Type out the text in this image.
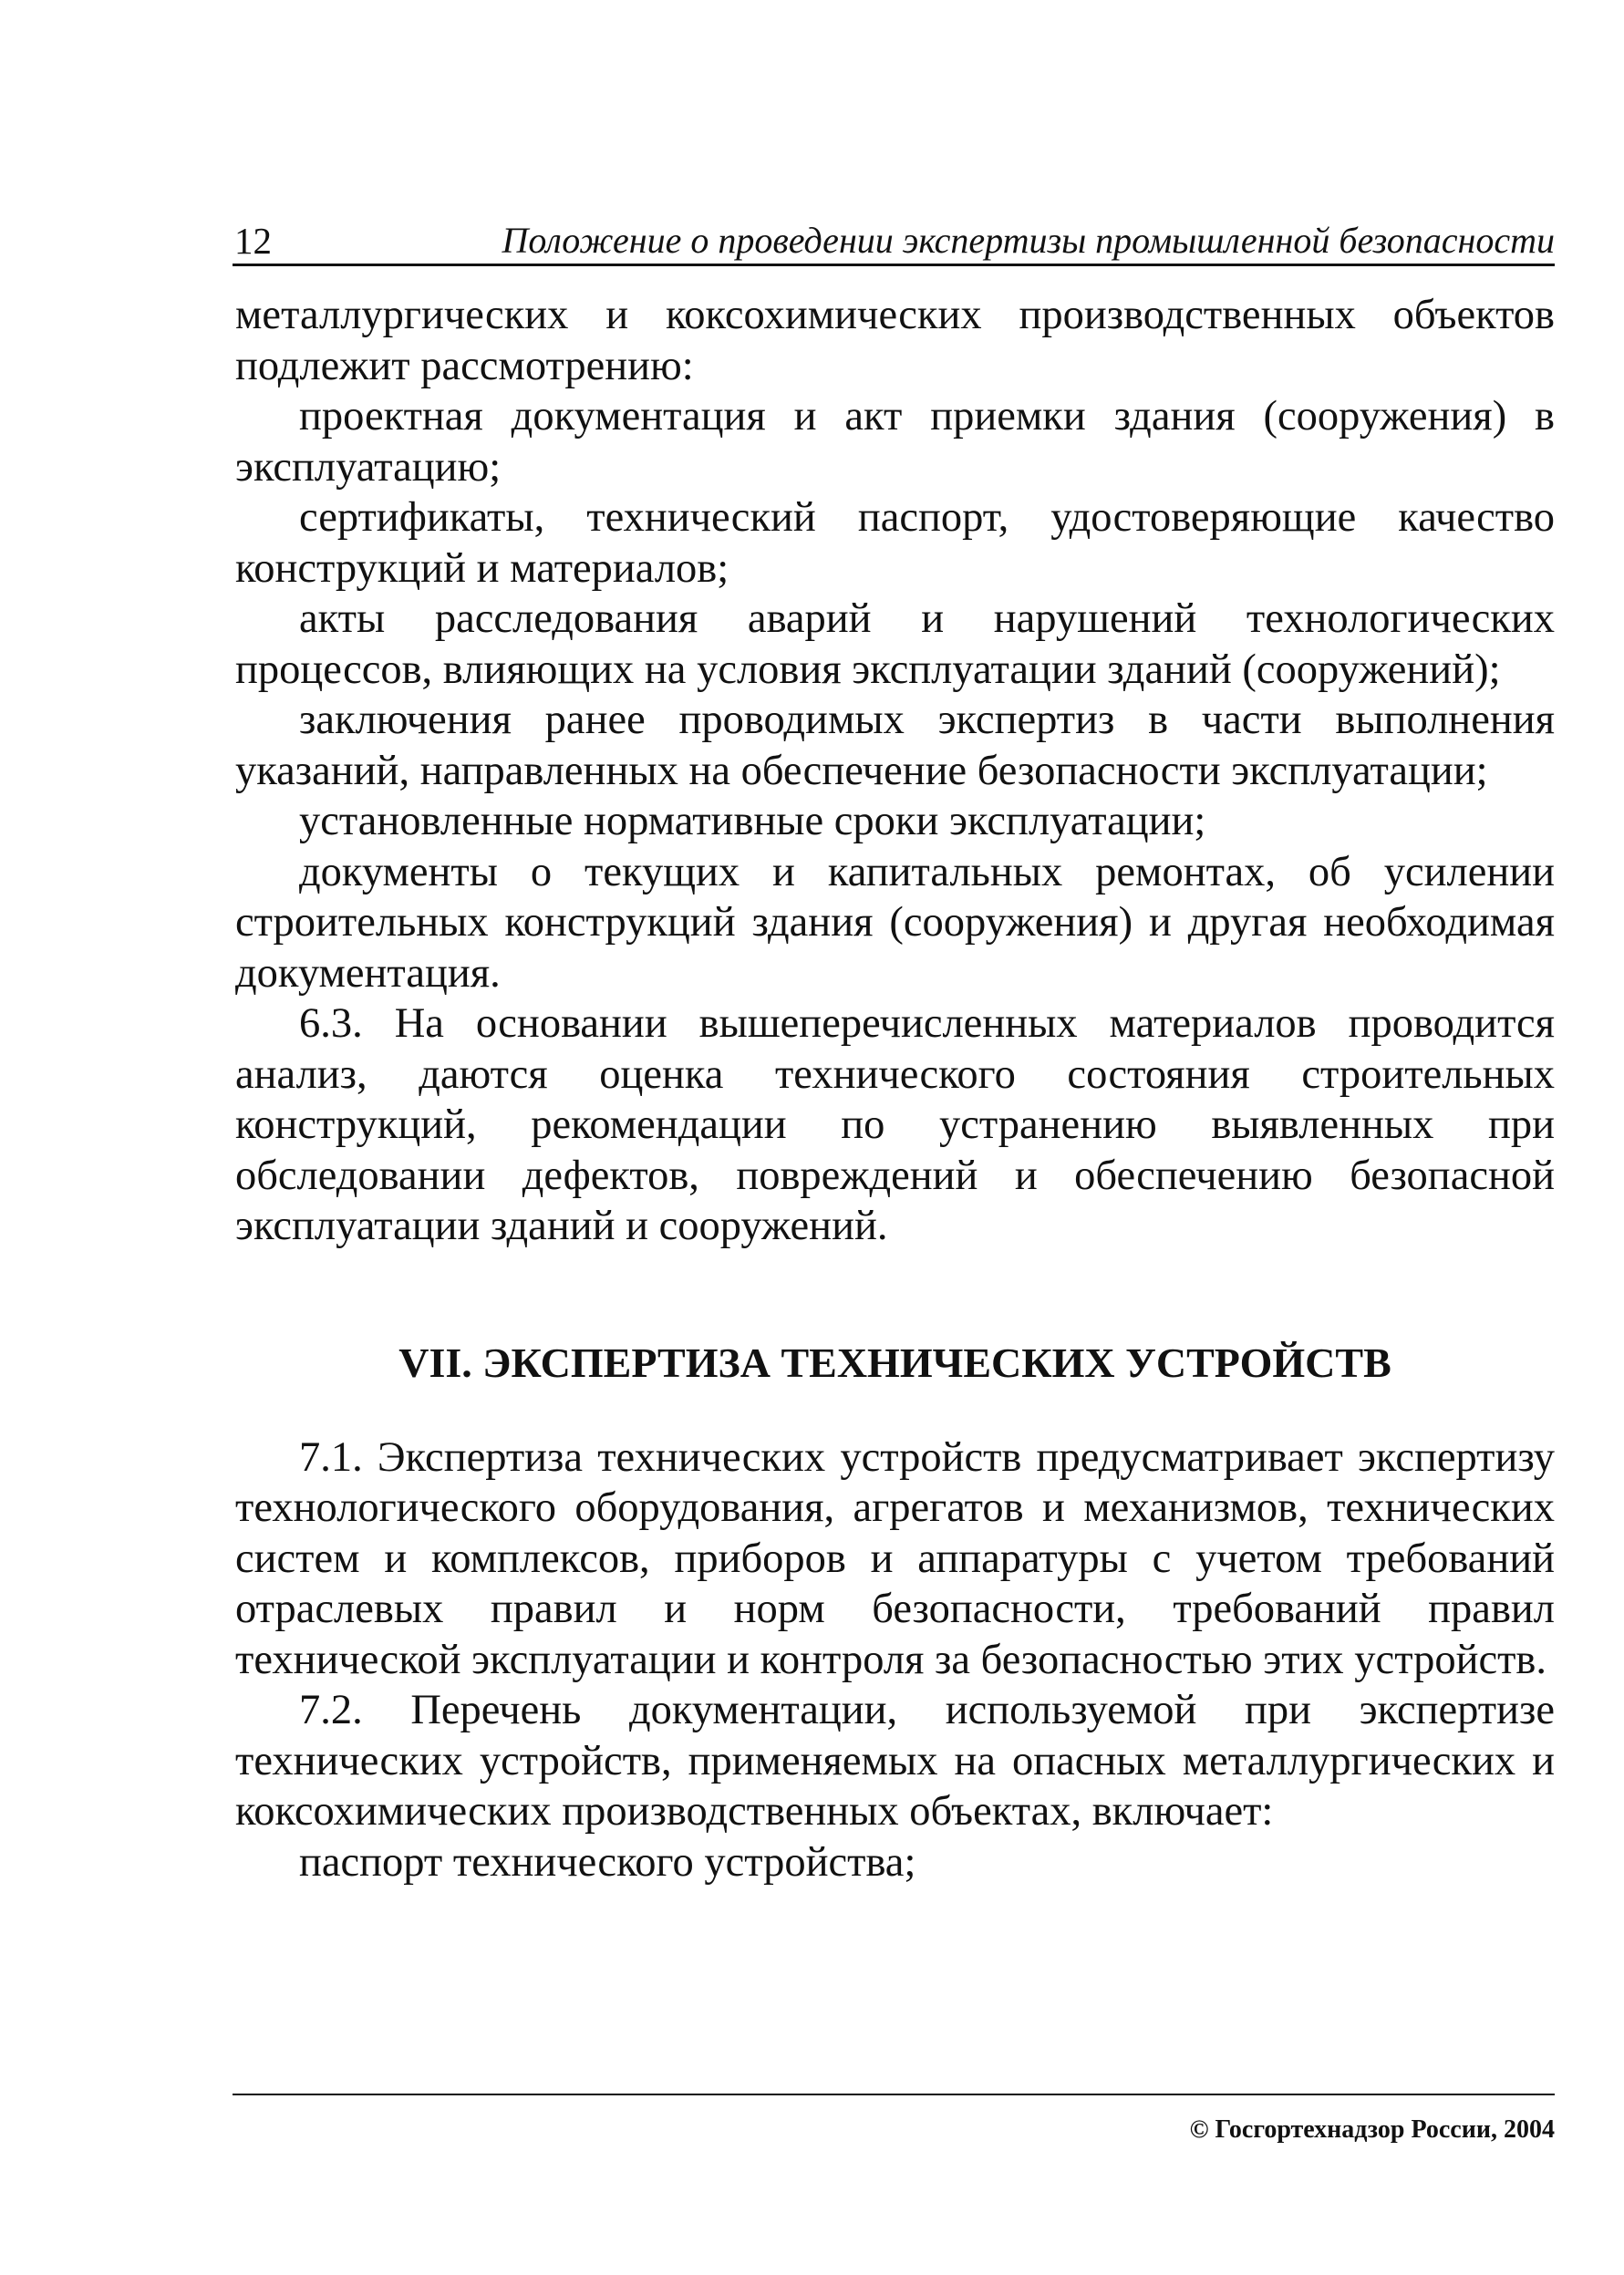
12	Положение о проведении экспертизы промышленной безопасности

металлургических и коксохимических производственных объектов подлежит рассмотрению:

проектная документация и акт приемки здания (сооружения) в эксплуатацию;

сертификаты, технический паспорт, удостоверяющие качество конструкций и материалов;

акты расследования аварий и нарушений технологических процессов, влияющих на условия эксплуатации зданий (сооружений);

заключения ранее проводимых экспертиз в части выполнения указаний, направленных на обеспечение безопасности эксплуатации;

установленные нормативные сроки эксплуатации;

документы о текущих и капитальных ремонтах, об усилении строительных конструкций здания (сооружения) и другая необходимая документация.

6.3. На основании вышеперечисленных материалов проводится анализ, даются оценка технического состояния строительных конструкций, рекомендации по устранению выявленных при обследовании дефектов, повреждений и обеспечению безопасной эксплуатации зданий и сооружений.

VII. ЭКСПЕРТИЗА ТЕХНИЧЕСКИХ УСТРОЙСТВ

7.1. Экспертиза технических устройств предусматривает экспертизу технологического оборудования, агрегатов и механизмов, технических систем и комплексов, приборов и аппаратуры с учетом требований отраслевых правил и норм безопасности, требований правил технической эксплуатации и контроля за безопасностью этих устройств.

7.2. Перечень документации, используемой при экспертизе технических устройств, применяемых на опасных металлургических и коксохимических производственных объектах, включает:

паспорт технического устройства;

© Госгортехнадзор России, 2004
